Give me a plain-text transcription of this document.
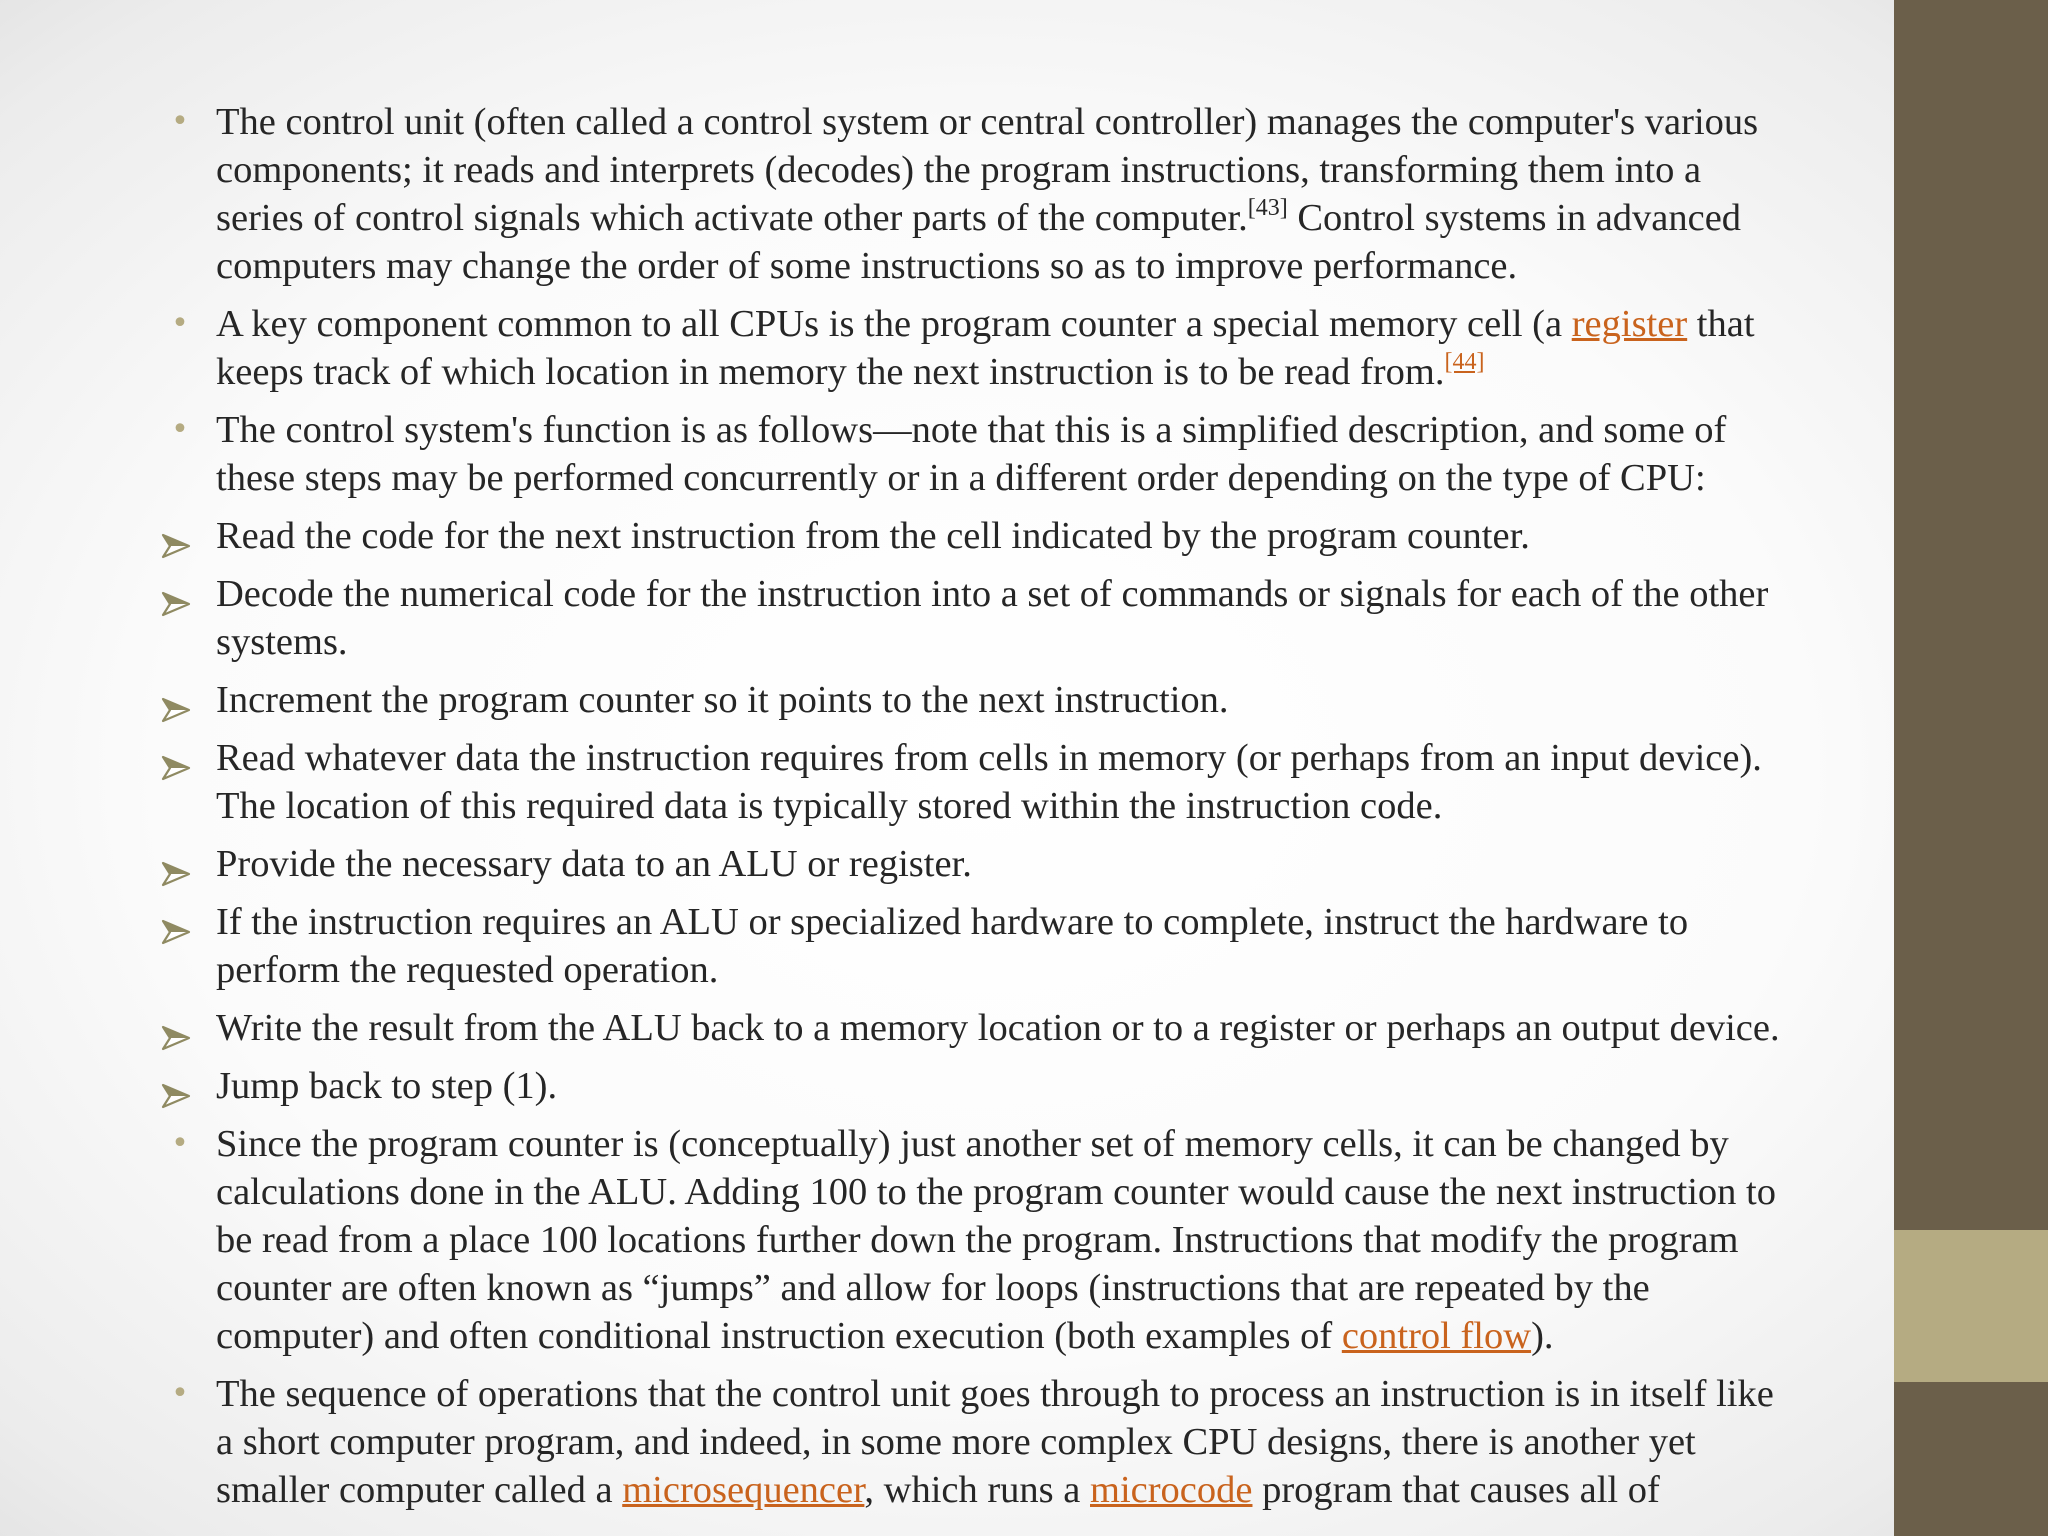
• The control unit (often called a control system or central controller) manages the computer's various components; it reads and interprets (decodes) the program instructions, transforming them into a series of control signals which activate other parts of the computer.[43] Control systems in advanced computers may change the order of some instructions so as to improve performance.
• A key component common to all CPUs is the program counter a special memory cell (a register that keeps track of which location in memory the next instruction is to be read from.[44]
• The control system's function is as follows—note that this is a simplified description, and some of these steps may be performed concurrently or in a different order depending on the type of CPU:
Read the code for the next instruction from the cell indicated by the program counter.
Decode the numerical code for the instruction into a set of commands or signals for each of the other systems.
Increment the program counter so it points to the next instruction.
Read whatever data the instruction requires from cells in memory (or perhaps from an input device). The location of this required data is typically stored within the instruction code.
Provide the necessary data to an ALU or register.
If the instruction requires an ALU or specialized hardware to complete, instruct the hardware to perform the requested operation.
Write the result from the ALU back to a memory location or to a register or perhaps an output device.
Jump back to step (1).
• Since the program counter is (conceptually) just another set of memory cells, it can be changed by calculations done in the ALU. Adding 100 to the program counter would cause the next instruction to be read from a place 100 locations further down the program. Instructions that modify the program counter are often known as “jumps” and allow for loops (instructions that are repeated by the computer) and often conditional instruction execution (both examples of control flow).
• The sequence of operations that the control unit goes through to process an instruction is in itself like a short computer program, and indeed, in some more complex CPU designs, there is another yet smaller computer called a microsequencer, which runs a microcode program that causes all of
